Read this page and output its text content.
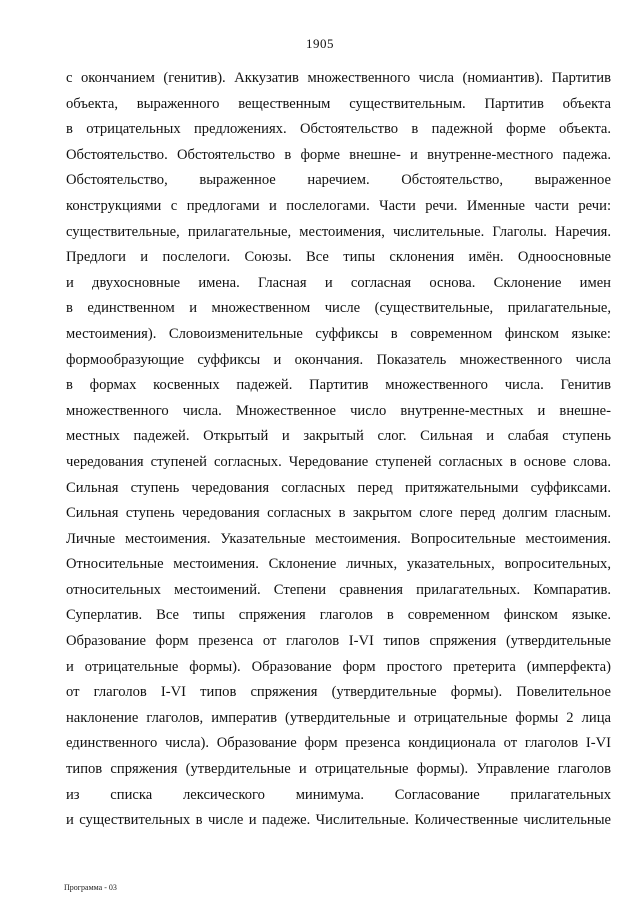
1905
с окончанием (генитив). Аккузатив множественного числа (номиантив). Партитив
объекта, выраженного вещественным существительным. Партитив объекта
в отрицательных предложениях. Обстоятельство в падежной форме объекта.
Обстоятельство. Обстоятельство в форме внешне- и внутренне-местного падежа.
Обстоятельство, выраженное наречием. Обстоятельство, выраженное
конструкциями с предлогами и послелогами. Части речи. Именные части речи:
существительные, прилагательные, местоимения, числительные. Глаголы. Наречия.
Предлоги и послелоги. Союзы. Все типы склонения имён. Одноосновные
и двухосновные имена. Гласная и согласная основа. Склонение имен
в единственном и множественном числе (существительные, прилагательные,
местоимения). Словоизменительные суффиксы в современном финском языке:
формообразующие суффиксы и окончания. Показатель множественного числа
в формах косвенных падежей. Партитив множественного числа. Генитив
множественного числа. Множественное число внутренне-местных и внешне-
местных падежей. Открытый и закрытый слог. Сильная и слабая ступень
чередования ступеней согласных. Чередование ступеней согласных в основе слова.
Сильная ступень чередования согласных перед притяжательными суффиксами.
Сильная ступень чередования согласных в закрытом слоге перед долгим гласным.
Личные местоимения. Указательные местоимения. Вопросительные местоимения.
Относительные местоимения. Склонение личных, указательных, вопросительных,
относительных местоимений. Степени сравнения прилагательных. Компаратив.
Суперлатив. Все типы спряжения глаголов в современном финском языке.
Образование форм презенса от глаголов I-VI типов спряжения (утвердительные
и отрицательные формы). Образование форм простого претерита (имперфекта)
от глаголов I-VI типов спряжения (утвердительные формы). Повелительное
наклонение глаголов, императив (утвердительные и отрицательные формы 2 лица
единственного числа). Образование форм презенса кондиционала от глаголов I-VI
типов спряжения (утвердительные и отрицательные формы). Управление глаголов
из списка лексического минимума. Согласование прилагательных
и существительных в числе и падеже. Числительные. Количественные числительные
Программа - 03
